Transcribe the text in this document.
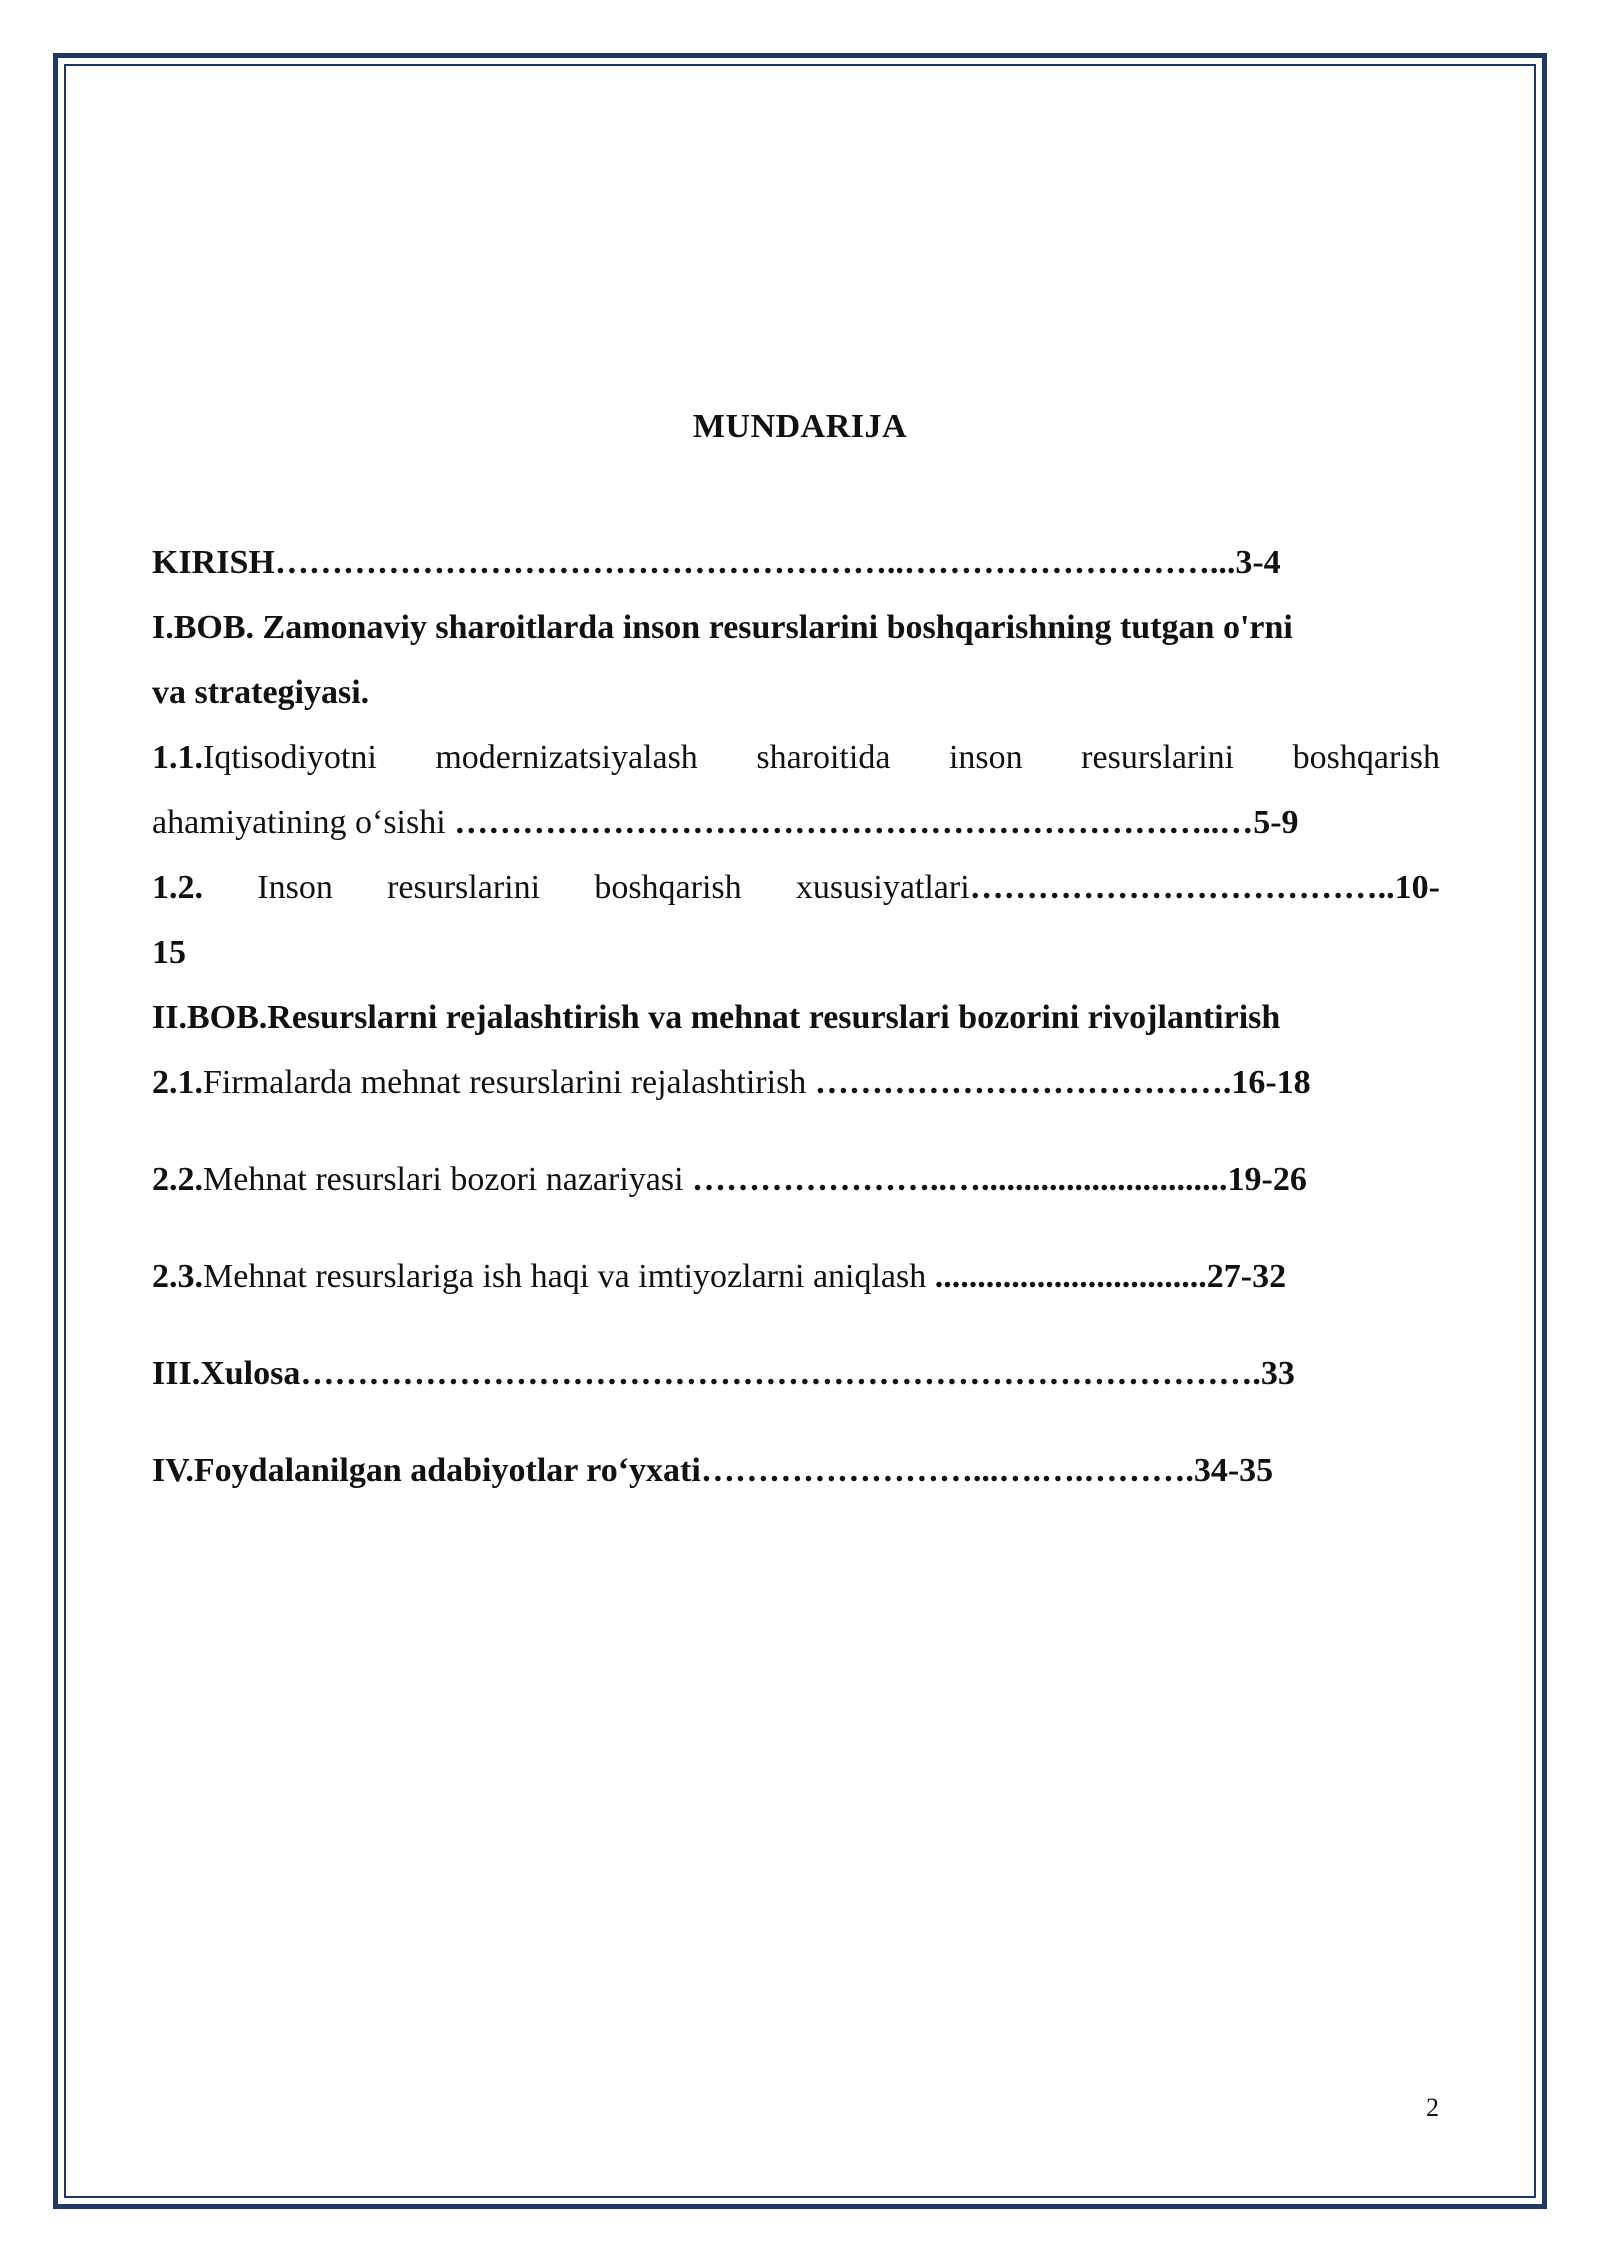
MUNDARIJA
KIRISH………………………………………………..………………………...3-4
I.BOB. Zamonaviy sharoitlarda inson resurslarini boshqarishning tutgan o'rni
va strategiyasi.
1.1.Iqtisodiyotni modernizatsiyalash sharoitida inson resurslarini boshqarish
ahamiyatining o‘sishi …………………………………………………………..…5-9
1.2. Inson resurslarini boshqarish xususiyatlari………………………………..10-
15
II.BOB.Resurslarni rejalashtirish va mehnat resurslari bozorini rivojlantirish
2.1.Firmalarda mehnat resurslarini rejalashtirish ……………………………….16-18
2.2.Mehnat resurslari bozori nazariyasi …………………..….............................19-26
2.3.Mehnat resurslariga ish haqi va imtiyozlarni aniqlash ................................27-32
III.Xulosa………………………………………………………………………….33
IV.Foydalanilgan adabiyotlar ro‘yxati……………………...….….……….34-35
2
